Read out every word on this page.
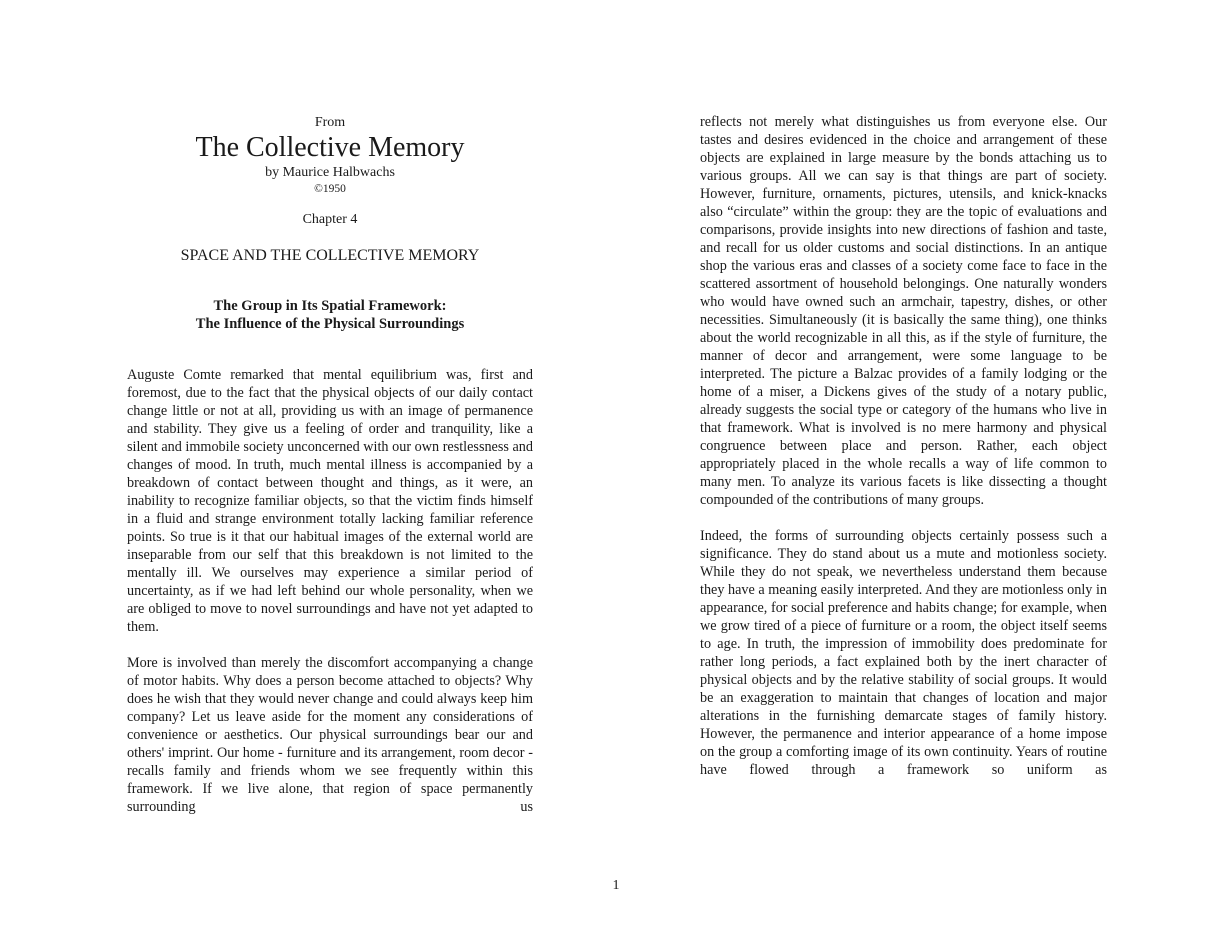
From
The Collective Memory
by Maurice Halbwachs
©1950
Chapter 4
SPACE AND THE COLLECTIVE MEMORY
The Group in Its Spatial Framework:
The Influence of the Physical Surroundings

Auguste Comte remarked that mental equilibrium was, first and foremost, due to the fact that the physical objects of our daily contact change little or not at all, providing us with an image of permanence and stability. They give us a feeling of order and tranquility, like a silent and immobile society unconcerned with our own restlessness and changes of mood. In truth, much mental illness is accompanied by a breakdown of contact between thought and things, as it were, an inability to recognize familiar objects, so that the victim finds himself in a fluid and strange environment totally lacking familiar reference points. So true is it that our habitual images of the external world are inseparable from our self that this breakdown is not limited to the mentally ill. We ourselves may experience a similar period of uncertainty, as if we had left behind our whole personality, when we are obliged to move to novel surroundings and have not yet adapted to them.

More is involved than merely the discomfort accompanying a change of motor habits. Why does a person become attached to objects? Why does he wish that they would never change and could always keep him company? Let us leave aside for the moment any considerations of convenience or aesthetics. Our physical surroundings bear our and others' imprint. Our home - furniture and its arrangement, room decor - recalls family and friends whom we see frequently within this framework. If we live alone, that region of space permanently surrounding us

reflects not merely what distinguishes us from everyone else. Our tastes and desires evidenced in the choice and arrangement of these objects are explained in large measure by the bonds attaching us to various groups. All we can say is that things are part of society. However, furniture, ornaments, pictures, utensils, and knick-knacks also “circulate” within the group: they are the topic of evaluations and comparisons, provide insights into new directions of fashion and taste, and recall for us older customs and social distinctions. In an antique shop the various eras and classes of a society come face to face in the scattered assortment of household belongings. One naturally wonders who would have owned such an armchair, tapestry, dishes, or other necessities. Simultaneously (it is basically the same thing), one thinks about the world recognizable in all this, as if the style of furniture, the manner of decor and arrangement, were some language to be interpreted. The picture a Balzac provides of a family lodging or the home of a miser, a Dickens gives of the study of a notary public, already suggests the social type or category of the humans who live in that framework. What is involved is no mere harmony and physical congruence between place and person. Rather, each object appropriately placed in the whole recalls a way of life common to many men. To analyze its various facets is like dissecting a thought compounded of the contributions of many groups.

Indeed, the forms of surrounding objects certainly possess such a significance. They do stand about us a mute and motionless society. While they do not speak, we nevertheless understand them because they have a meaning easily interpreted. And they are motionless only in appearance, for social preference and habits change; for example, when we grow tired of a piece of furniture or a room, the object itself seems to age. In truth, the impression of immobility does predominate for rather long periods, a fact explained both by the inert character of physical objects and by the relative stability of social groups. It would be an exaggeration to maintain that changes of location and major alterations in the furnishing demarcate stages of family history. However, the permanence and interior appearance of a home impose on the group a comforting image of its own continuity. Years of routine have flowed through a framework so uniform as

1
